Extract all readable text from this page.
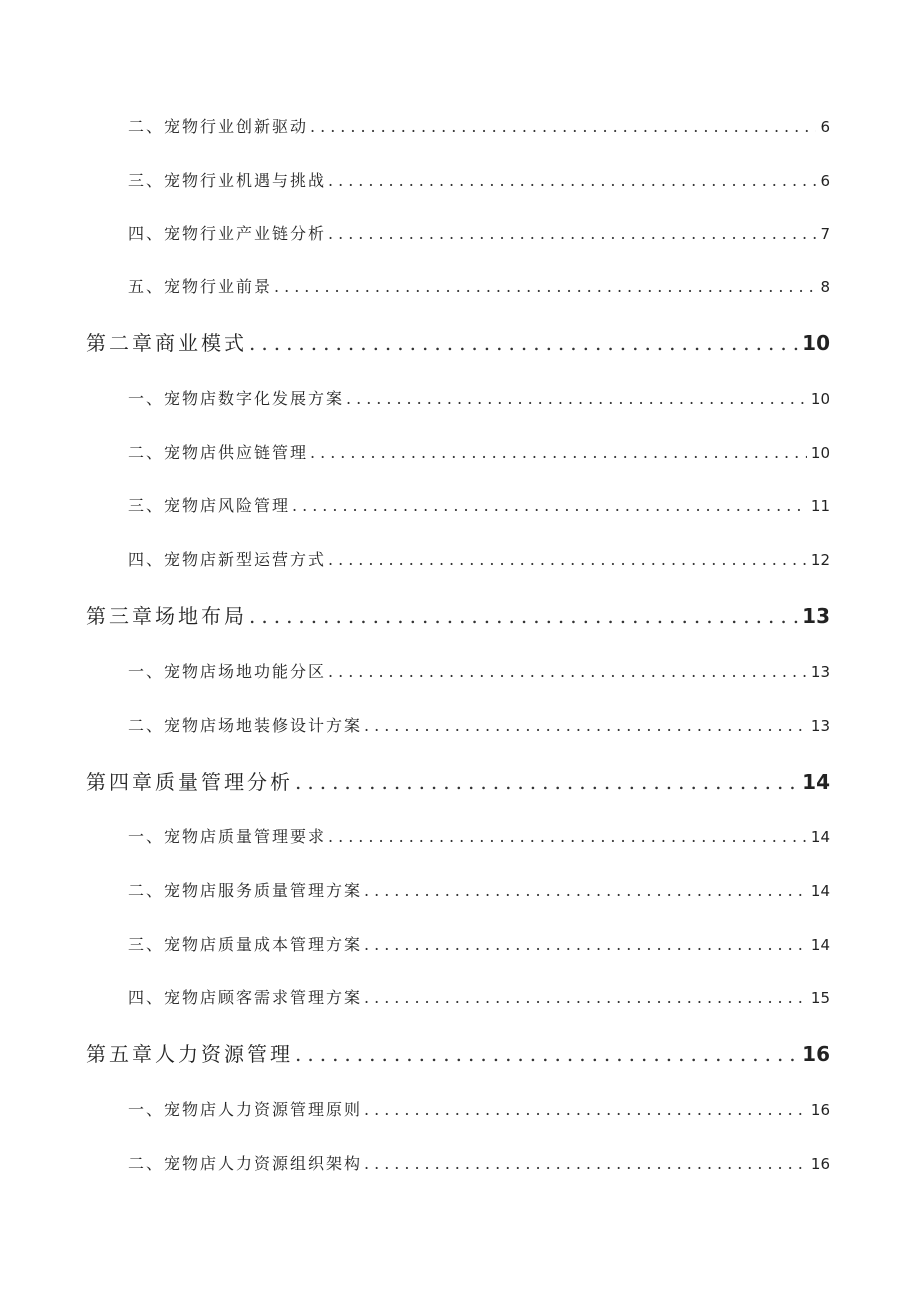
二、宠物行业创新驱动 .....	6
三、宠物行业机遇与挑战 .....	6
四、宠物行业产业链分析 .....	7
五、宠物行业前景 .....	8
第二章商业模式 .....	10
一、宠物店数字化发展方案 .....	10
二、宠物店供应链管理 .....	10
三、宠物店风险管理 .....	11
四、宠物店新型运营方式 .....	12
第三章场地布局 .....	13
一、宠物店场地功能分区 .....	13
二、宠物店场地装修设计方案 .....	13
第四章质量管理分析 .....	14
一、宠物店质量管理要求 .....	14
二、宠物店服务质量管理方案 .....	14
三、宠物店质量成本管理方案 .....	14
四、宠物店顾客需求管理方案 .....	15
第五章人力资源管理 .....	16
一、宠物店人力资源管理原则 .....	16
二、宠物店人力资源组织架构 .....	16
